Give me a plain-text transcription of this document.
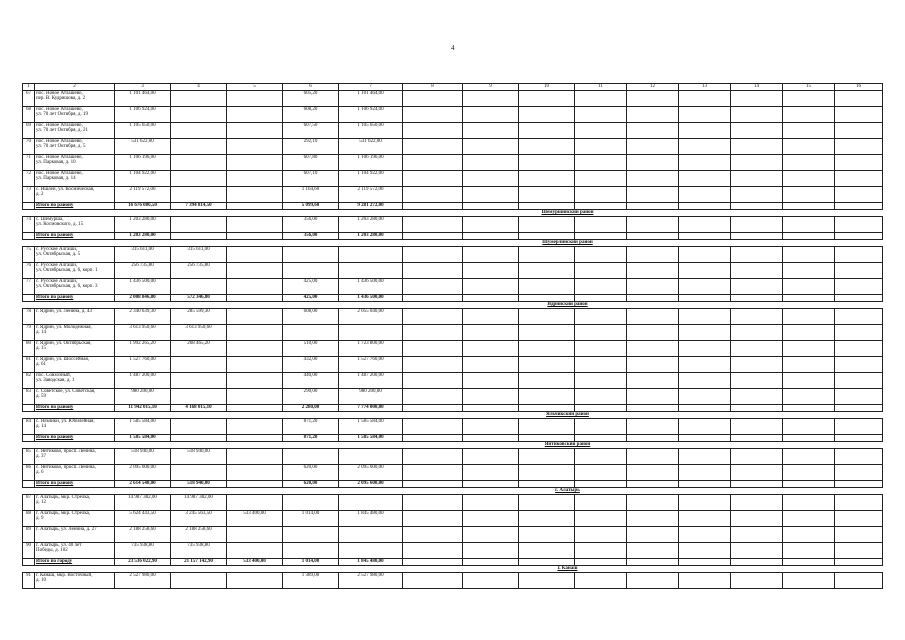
4
1	2	3	4	5	6	7	8	9	10	11	12	13	14	15	16
67	пос. Новое Атлашево,
пер. В. Кудряшова, д. 2	1 101 464,00			605,20	1 101 464,00									
68	пос. Новое Атлашево,
ул. 70 лет Октября, д. 19	1 106 924,00			608,20	1 106 924,00									
69	пос. Новое Атлашево,
ул. 70 лет Октября, д. 21	1 105 650,00			607,50	1 105 650,00									
70	пос. Новое Атлашево,
ул. 70 лет Октября, д. 5	531 622,00			292,10	531 622,00									
71	пос. Новое Атлашево,
ул. Парковая, д. 10	1 106 196,00			607,80	1 106 196,00									
72	пос. Новое Атлашево,
ул. Парковая, д. 14	1 104 922,00			607,10	1 104 922,00									
73	с. Ишлеи, ул. Космическая,
д. 2	2 119 572,00			1 164,60	2 119 572,00									
	Итого по району	16 676 086,50	7 394 814,50		5 099,60	9 281 272,00									

Шемуршинский район															

74	с. Шемурша,
ул. Космовского, д. 15	1 203 280,00			356,00	1 203 280,00									
	Итого по району	1 203 280,00			356,00	1 203 280,00									

Шумерлинский район															

75	с. Русские Алгаши,
ул. Октябрьская, д. 5	315 611,00	315 611,00												
76	с. Русские Алгаши,
ул. Октябрьская, д. 6, корп. 1	256 735,80	256 735,80												
77	с. Русские Алгаши,
ул. Октябрьская, д. 6, корп. 3	1 436 500,00			425,00	1 436 500,00									
	Итого по району	2 008 846,80	572 346,80		425,00	1 436 500,00									

Ядринский район															

78	г. Ядрин, ул. Ленина, д. 43	2 340 639,30	285 599,30		608,00	2 055 040,00									
79	г. Ядрин, ул. Молодежная,
д. 14	3 613 950,60	3 613 950,60												
80	г. Ядрин, ул. Октябрьская,
д. 15	1 992 265,20	268 465,20		510,00	1 723 800,00									
81	г. Ядрин, ул. Шоссейная,
д. 61	1 527 760,00			432,00	1 527 760,00									
82	пос. Совхозный,
ул. Заводская, д. 1	1 487 200,00			440,00	1 487 200,00									
83	с. Советское, ул. Советская,
д. 59	980 200,00			290,00	980 200,00									
	Итого по району	11 942 015,10	4 168 015,10		2 280,00	7 774 000,00									

Яльчикский район															

84	с. Яльчики, ул. Юбилейная,
д. 14	1 585 584,00			871,20	1 585 584,00									
	Итого по району	1 585 584,00			871,20	1 585 584,00									

Янтиковский район															

85	с. Янтиково, просп. Ленина,
д. 37	518 940,00	518 940,00												
86	с. Янтиково, просп. Ленина,
д. 6	2 095 600,00			620,00	2 095 600,00									
	Итого по району	2 614 540,00	518 940,00		620,00	2 095 600,00									

г. Алатырь															

87	г. Алатырь, мкр. Стрелка,
д. 12	14 987 382,00	14 987 382,00												
88	г. Алатырь, мкр. Стрелка,
д. 9	5 624 443,50	3 245 563,50	533 400,00	1 014,00	1 845 480,00									
89	г. Алатырь, ул. Ленина, д. 27	2 188 258,60	2 188 258,60												
90	г. Алатырь, ул. 40 лет
Победы, д. 102	735 938,80	735 938,80												
	Итого по городу	23 536 022,90	21 157 142,90	533 400,00	1 014,00	1 845 480,00									

г. Канаш															

91	г. Канаш, мкр. Восточный,
д. 10	2 527 980,00			1 389,00	2 527 980,00									
